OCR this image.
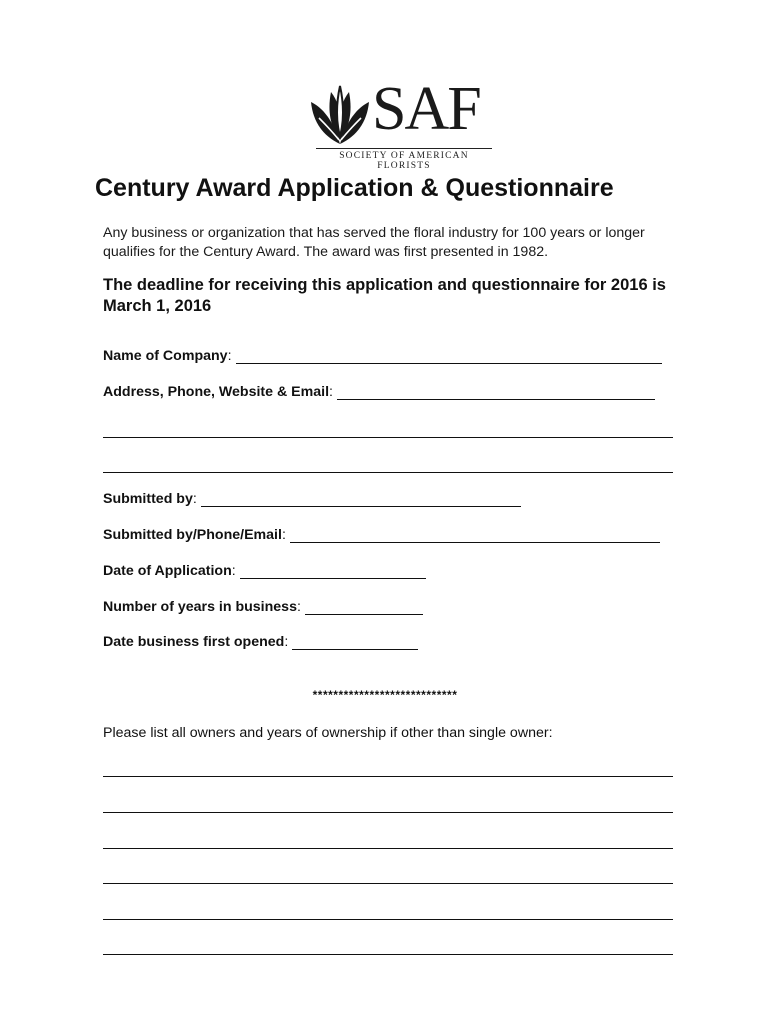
SAF
SOCIETY OF AMERICAN FLORISTS
Century Award Application & Questionnaire

Any business or organization that has served the floral industry for 100 years or longer qualifies for the Century Award. The award was first presented in 1982.

The deadline for receiving this application and questionnaire for 2016 is March 1, 2016

Name of Company :
Address, Phone, Website & Email :
Submitted by :
Submitted by/Phone/Email :
Date of Application :
Number of years in business :
Date business first opened :
****************************

Please list all owners and years of ownership if other than single owner:
